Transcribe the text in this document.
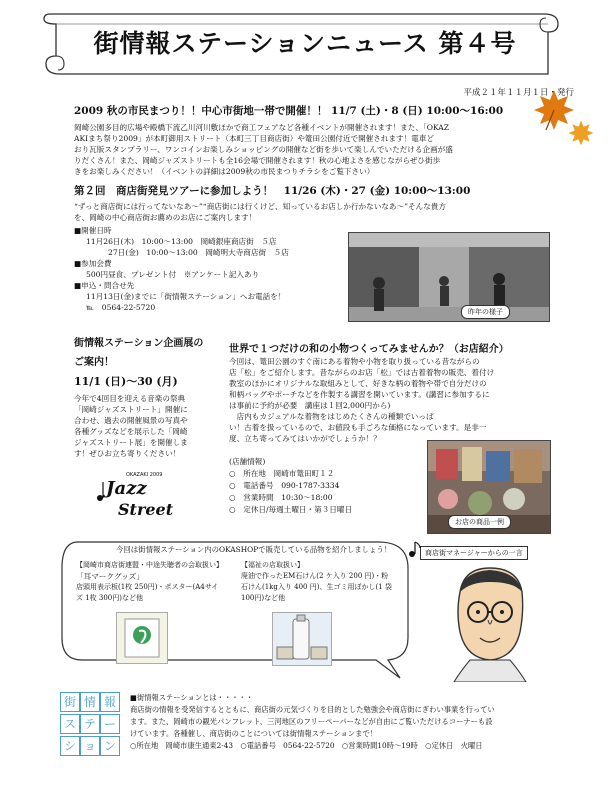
街情報ステーションニュース 第４号
平成２１年１１月１日・発行
2009 秋の市民まつり！！中心市街地一帯で開催！！ 11/7 (土)・8 (日) 10:00～16:00
岡崎公園多目的広場や殿橋下流乙川河川敷ほかで商工フェアなど各種イベントが開催されます！また、「OKAZ
AKIまち祭り2009」が本町御用ストリート（本町三丁目商店街）や篭田公園付近で開催されます！電車ど
おり瓦版スタンプラリー、ワンコインお楽しみショッピングの開催など街を歩いて楽しんでいただける企画が盛
りだくさん！また、岡崎ジャズストリートも全16会場で開催されます！秋の心地よさを感じながらぜひ街歩
きをお楽しみください！（イベントの詳細は2009秋の市民まつりチラシをご覧下さい）
第２回　商店街発見ツアーに参加しよう！　11/26 (木)・27 (金) 10:00～13:00
“ずっと商店街には行ってないなあ～”“商店街には行くけど、知っているお店しか行かないなあ～”そんな貴方
を、岡崎の中心商店街お薦めのお店にご案内します！
■開催日時
11月26日(木)　10:00～13:00　岡崎銀座商店街　５店
27日(金)　10:00～13:00　岡崎明大寺商店街　５店
■参加会費
500円昼食、プレゼント付　※アンケート記入あり
■申込・問合せ先
11月13日(金)までに「街情報ステーション」へお電話を！
℡　0564-22-5720	昨年の様子
街情報ステーション企画展の
ご案内！
11/1 (日)～30 (月)
今年で4回目を迎える音楽の祭典
「岡崎ジャズストリート」開催に
合わせ、過去の開催風景の写真や
各種グッズなどを展示した「岡崎
ジャズストリート展」を開催しま
す！ぜひお立ち寄りください！
OKAZAKI 2009
Jazz
Street
世界で１つだけの和の小物つくってみませんか？（お店紹介）
今回は、篭田公園のすぐ南にある着物や小物を取り扱っている昔ながらの
店「松」をご紹介します。昔ながらのお店「松」では古着着物の販売、着付け
教室のほかにオリジナルな取組みとして、好きな柄の着物や帯で自分だけの
和柄バッグやポーチなどを作製する講習を開いています。(講習に参加するに
は事前に予約が必要　講座は１回2,000円から)
　店内もカジュアルな着物をはじめたくさんの種類でいっぱ
い！古着を扱っているので、お値段も手ごろな価格になっています。是非一
度、立ち寄ってみてはいかがでしょうか！？
(店舗情報)
○　所在地　岡崎市篭田町１２
○　電話番号　090-1787-3334
○　営業時間　10:30～18:00
○　定休日/毎週土曜日・第３日曜日
お店の商品一例
今回は街情報ステーション内のOKASHOPで販売している品物を紹介しましょう！
【岡崎市商店街連盟・中途失聴者の会取扱い】
「耳マークグッズ」
店頭用表示板(1枚 250円)・ポスター(A4サイ
ズ 1枚 300円)など他
【福祉の店取扱い】
廃油で作ったEM石けん(2 ケ入り 200 円)・粉
石けん(1kg入り 400 円)、生ゴミ用ぼかし(1 袋
100円)など他
商店街マネージャーからの一言
街 情 報
ス テ ー
シ ョ ン
■街情報ステーションとは・・・・・
商店街の情報を受発信するとともに、商店街の元気づくりを目的とした勉強会や商店街にぎわい事業を行ってい
ます。また、岡崎市の観光パンフレット、三河地区のフリーペーパーなどが自由にご覧いただけるコーナーも設
けています。各種催し、商店街のことについては街情報ステーションまで！
○所在地　岡崎市康生通東2-43　○電話番号　0564-22-5720　○営業時間10時～19時　○定休日　火曜日
